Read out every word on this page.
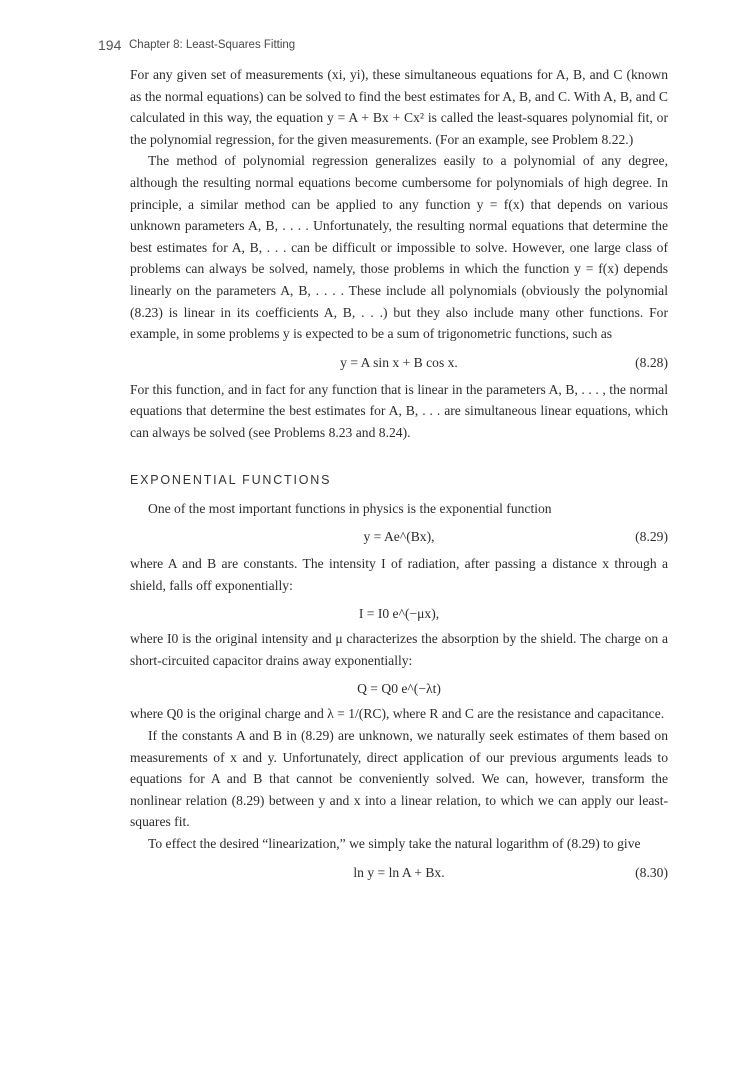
194 Chapter 8: Least-Squares Fitting

For any given set of measurements (xi, yi), these simultaneous equations for A, B, and C (known as the normal equations) can be solved to find the best estimates for A, B, and C. With A, B, and C calculated in this way, the equation y = A + Bx + Cx² is called the least-squares polynomial fit, or the polynomial regression, for the given measurements. (For an example, see Problem 8.22.)

The method of polynomial regression generalizes easily to a polynomial of any degree, although the resulting normal equations become cumbersome for polynomials of high degree. In principle, a similar method can be applied to any function y = f(x) that depends on various unknown parameters A, B, . . . . Unfortunately, the resulting normal equations that determine the best estimates for A, B, . . . can be difficult or impossible to solve. However, one large class of problems can always be solved, namely, those problems in which the function y = f(x) depends linearly on the parameters A, B, . . . . These include all polynomials (obviously the polynomial (8.23) is linear in its coefficients A, B, . . .) but they also include many other functions. For example, in some problems y is expected to be a sum of trigonometric functions, such as

y = A sin x + B cos x.	(8.28)

For this function, and in fact for any function that is linear in the parameters A, B, . . . , the normal equations that determine the best estimates for A, B, . . . are simultaneous linear equations, which can always be solved (see Problems 8.23 and 8.24).

EXPONENTIAL FUNCTIONS

One of the most important functions in physics is the exponential function

y = Ae^(Bx),	(8.29)

where A and B are constants. The intensity I of radiation, after passing a distance x through a shield, falls off exponentially:

I = I0 e^(−μx),

where I0 is the original intensity and μ characterizes the absorption by the shield. The charge on a short-circuited capacitor drains away exponentially:

Q = Q0 e^(−λt)

where Q0 is the original charge and λ = 1/(RC), where R and C are the resistance and capacitance.

If the constants A and B in (8.29) are unknown, we naturally seek estimates of them based on measurements of x and y. Unfortunately, direct application of our previous arguments leads to equations for A and B that cannot be conveniently solved. We can, however, transform the nonlinear relation (8.29) between y and x into a linear relation, to which we can apply our least-squares fit.

To effect the desired “linearization,” we simply take the natural logarithm of (8.29) to give

ln y = ln A + Bx.	(8.30)
